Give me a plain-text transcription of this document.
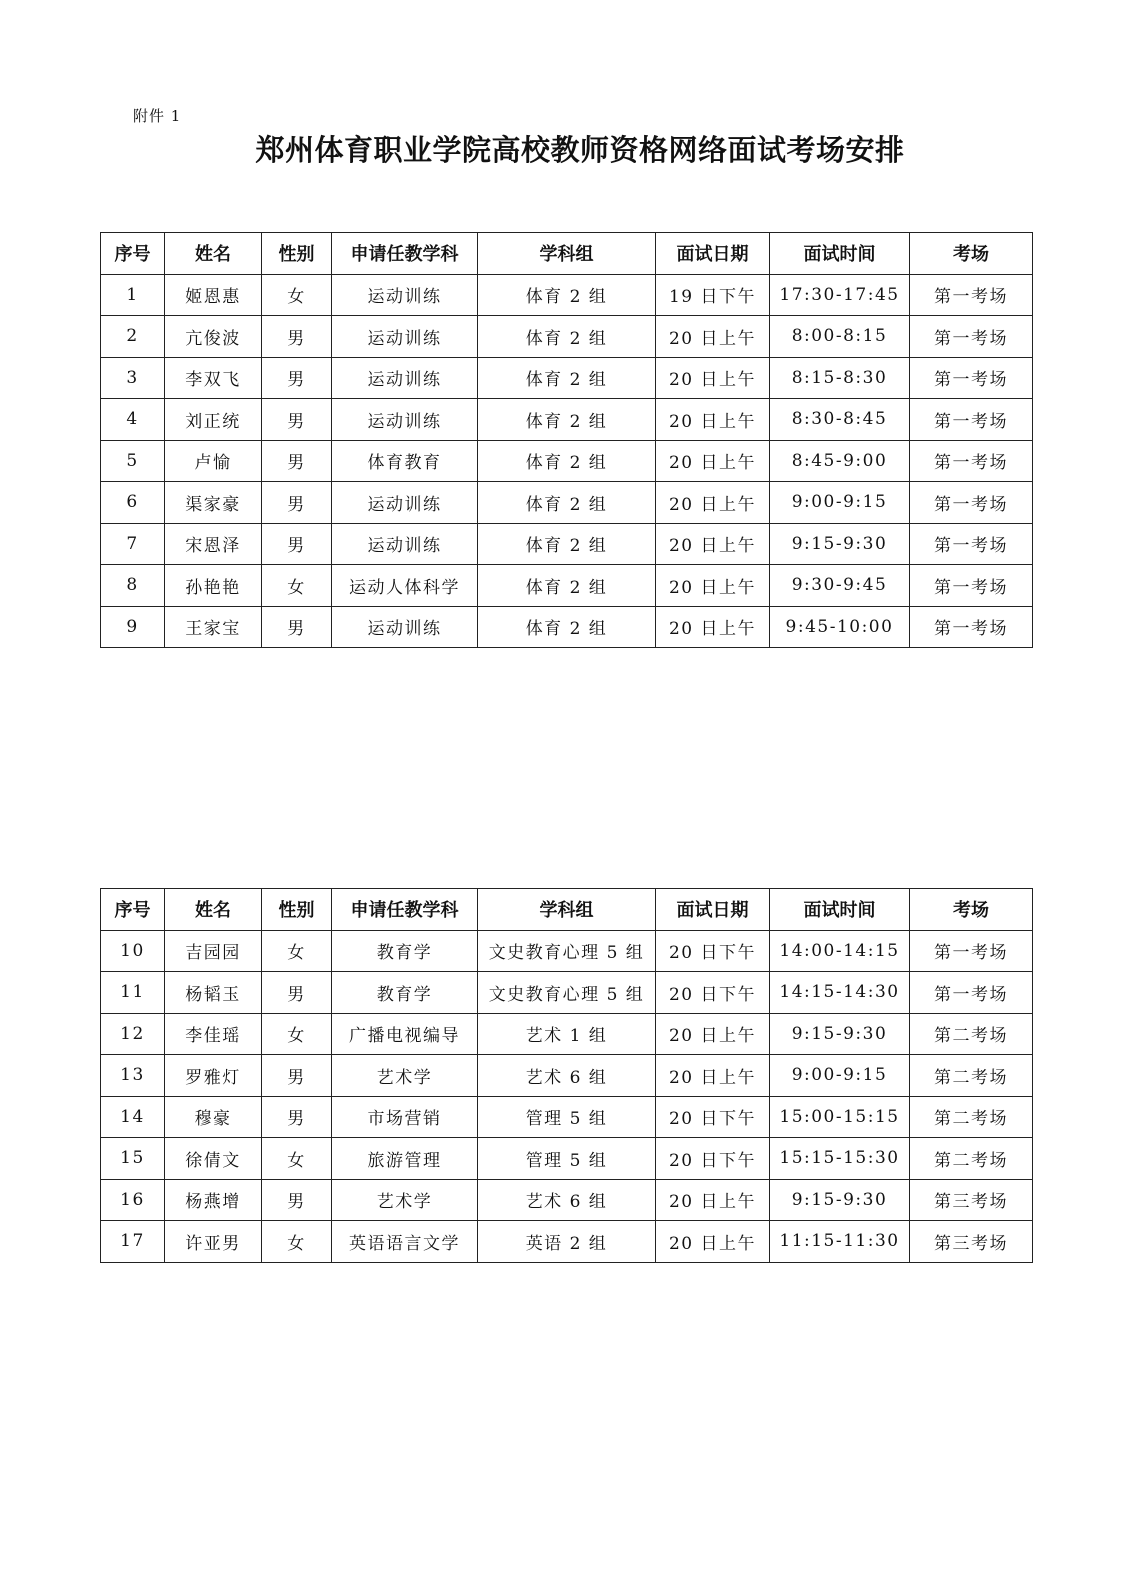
附件 1
郑州体育职业学院高校教师资格网络面试考场安排
序号	姓名	性别	申请任教学科	学科组	面试日期	面试时间	考场
1	姬恩惠	女	运动训练	体育 2 组	19 日下午	17:30-17:45	第一考场
2	亢俊波	男	运动训练	体育 2 组	20 日上午	8:00-8:15	第一考场
3	李双飞	男	运动训练	体育 2 组	20 日上午	8:15-8:30	第一考场
4	刘正统	男	运动训练	体育 2 组	20 日上午	8:30-8:45	第一考场
5	卢愉	男	体育教育	体育 2 组	20 日上午	8:45-9:00	第一考场
6	渠家豪	男	运动训练	体育 2 组	20 日上午	9:00-9:15	第一考场
7	宋恩泽	男	运动训练	体育 2 组	20 日上午	9:15-9:30	第一考场
8	孙艳艳	女	运动人体科学	体育 2 组	20 日上午	9:30-9:45	第一考场
9	王家宝	男	运动训练	体育 2 组	20 日上午	9:45-10:00	第一考场
序号	姓名	性别	申请任教学科	学科组	面试日期	面试时间	考场
10	吉园园	女	教育学	文史教育心理 5 组	20 日下午	14:00-14:15	第一考场
11	杨韬玉	男	教育学	文史教育心理 5 组	20 日下午	14:15-14:30	第一考场
12	李佳瑶	女	广播电视编导	艺术 1 组	20 日上午	9:15-9:30	第二考场
13	罗雅灯	男	艺术学	艺术 6 组	20 日上午	9:00-9:15	第二考场
14	穆豪	男	市场营销	管理 5 组	20 日下午	15:00-15:15	第二考场
15	徐倩文	女	旅游管理	管理 5 组	20 日下午	15:15-15:30	第二考场
16	杨燕增	男	艺术学	艺术 6 组	20 日上午	9:15-9:30	第三考场
17	许亚男	女	英语语言文学	英语 2 组	20 日上午	11:15-11:30	第三考场
